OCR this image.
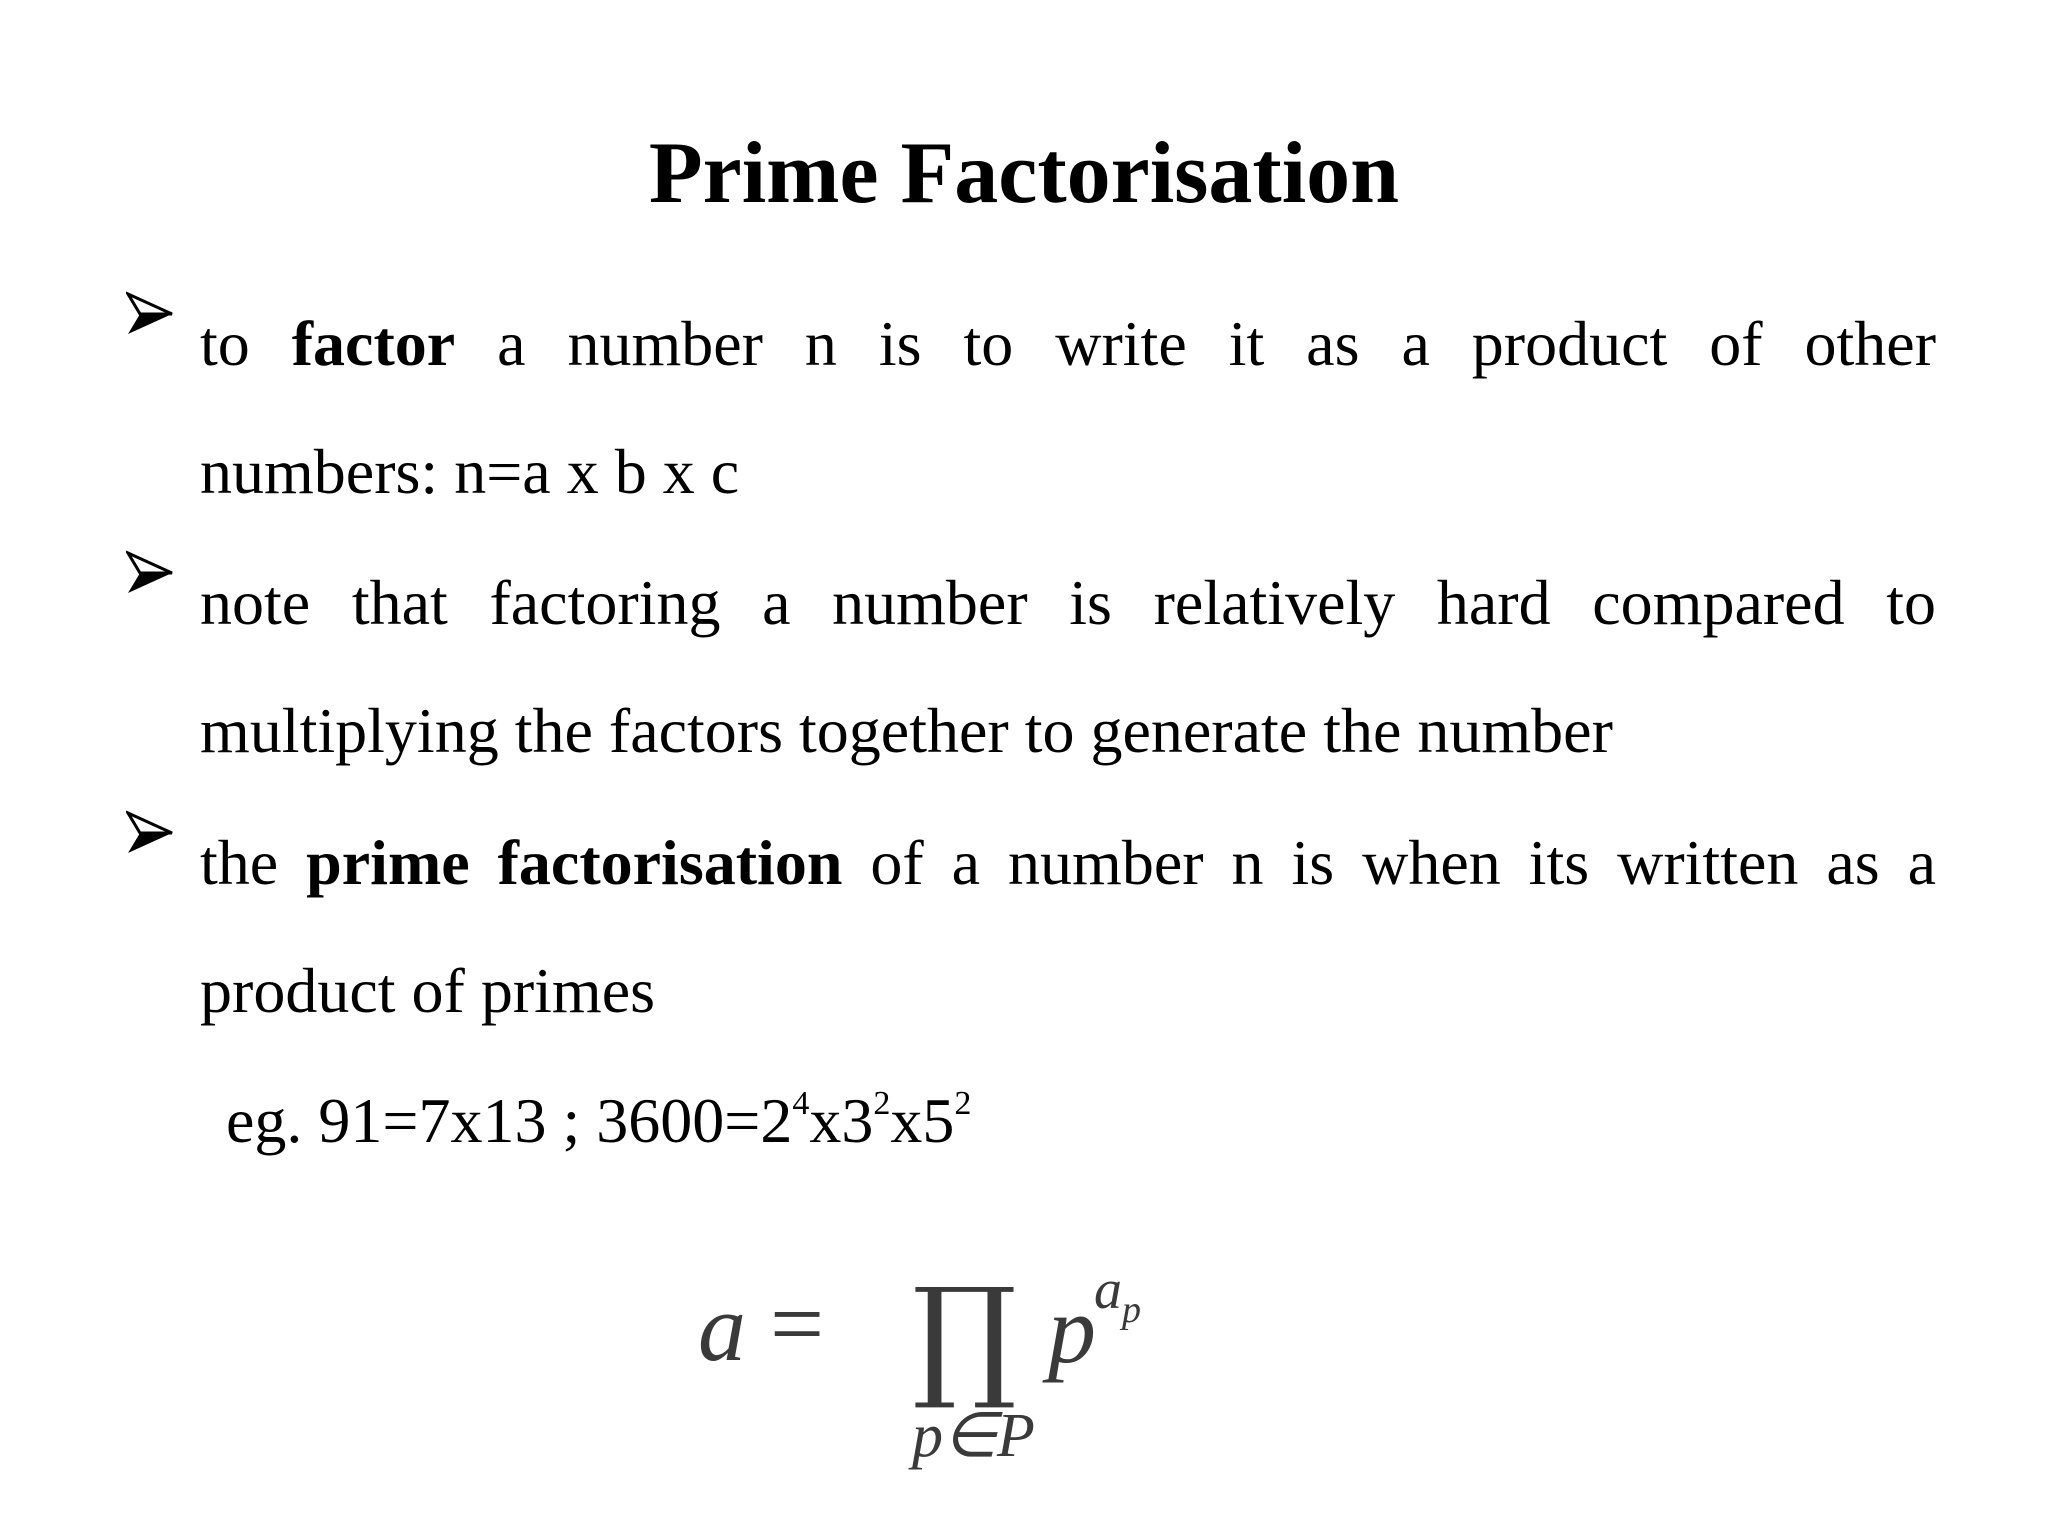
Prime Factorisation
to factor a number n is to write it as a product of other
numbers: n=a x b x c
note that factoring a number is relatively hard compared to
multiplying the factors together to generate the number
the prime factorisation of a number n is when its written as a
product of primes
eg. 91=7x13 ; $3600=2^4x3^2x5^2$
a = ∏ p
a p
p∈P
